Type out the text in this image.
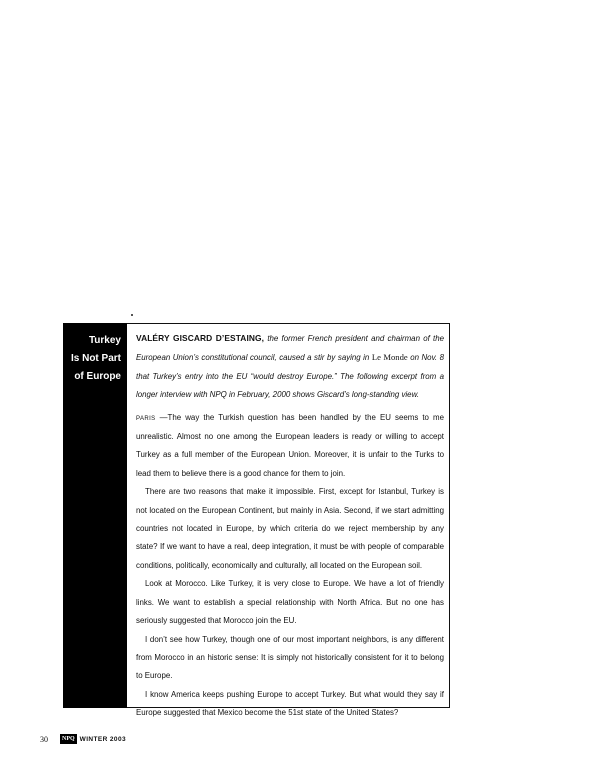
Turkey
Is Not Part
of Europe

VALÉRY GISCARD D’ESTAING, the former French president and chairman of the European Union’s constitutional council, caused a stir by saying in Le Monde on Nov. 8 that Turkey’s entry into the EU “would destroy Europe.” The following excerpt from a longer interview with NPQ in February, 2000 shows Giscard’s long-standing view.

PARIS —The way the Turkish question has been handled by the EU seems to me unrealistic. Almost no one among the European leaders is ready or willing to accept Turkey as a full member of the European Union. Moreover, it is unfair to the Turks to lead them to believe there is a good chance for them to join.

There are two reasons that make it impossible. First, except for Istanbul, Turkey is not located on the European Continent, but mainly in Asia. Second, if we start admitting countries not located in Europe, by which criteria do we reject membership by any state? If we want to have a real, deep integration, it must be with people of comparable conditions, politically, economically and culturally, all located on the European soil.

Look at Morocco. Like Turkey, it is very close to Europe. We have a lot of friendly links. We want to establish a special relationship with North Africa. But no one has seriously suggested that Morocco join the EU.

I don’t see how Turkey, though one of our most important neighbors, is any different from Morocco in an historic sense: It is simply not historically consistent for it to belong to Europe.

I know America keeps pushing Europe to accept Turkey. But what would they say if Europe suggested that Mexico become the 51st state of the United States?

30	NPQ WINTER 2003
